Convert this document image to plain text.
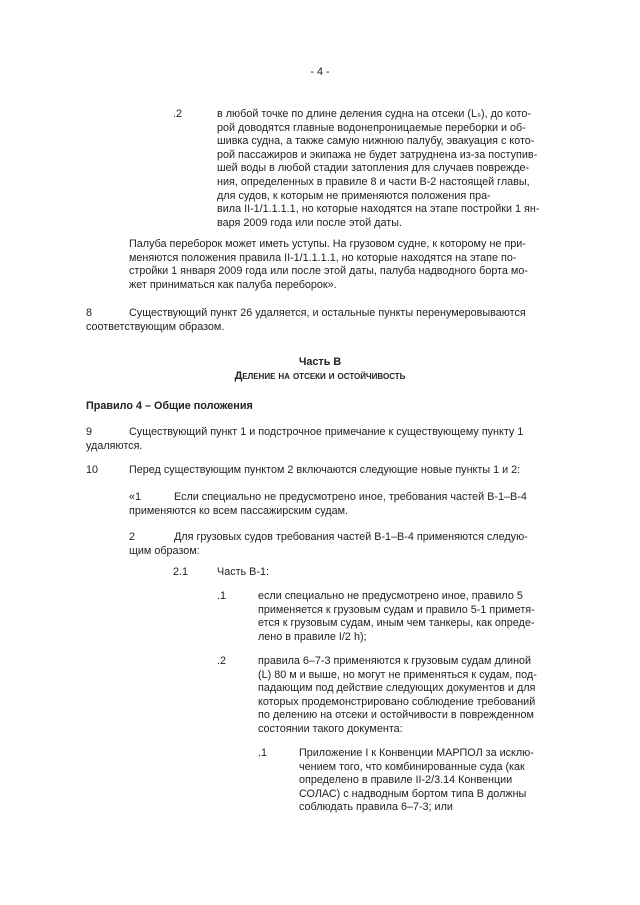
- 4 -
.2	в любой точке по длине деления судна на отсеки (Lₛ), до кото-
рой доводятся главные водонепроницаемые переборки и об-
шивка судна, а также самую нижнюю палубу, эвакуация с кото-
рой пассажиров и экипажа не будет затруднена из-за поступив-
шей воды в любой стадии затопления для случаев поврежде-
ния, определенных в правиле 8 и части B-2 настоящей главы,
для судов, к которым не применяются положения пра-
вила II-1/1.1.1.1, но которые находятся на этапе постройки 1 ян-
варя 2009 года или после этой даты.
Палуба переборок может иметь уступы. На грузовом судне, к которому не при-
меняются положения правила II-1/1.1.1.1, но которые находятся на этапе по-
стройки 1 января 2009 года или после этой даты, палуба надводного борта мо-
жет приниматься как палуба переборок».
8	Существующий пункт 26 удаляется, и остальные пункты перенумеровываются
соответствующим образом.
Часть B
Деление на отсеки и остойчивость
Правило 4 – Общие положения
9	Существующий пункт 1 и подстрочное примечание к существующему пункту 1
удаляются.
10	Перед существующим пунктом 2 включаются следующие новые пункты 1 и 2:
«1	Если специально не предусмотрено иное, требования частей B-1–B-4
применяются ко всем пассажирским судам.
2	Для грузовых судов требования частей B-1–B-4 применяются следую-
щим образом:
2.1	Часть B-1:
.1	если специально не предусмотрено иное, правило 5
применяется к грузовым судам и правило 5-1 приметя-
ется к грузовым судам, иным чем танкеры, как опреде-
лено в правиле I/2 h);
.2	правила 6–7-3 применяются к грузовым судам длиной
(L) 80 м и выше, но могут не применяться к судам, под-
падающим под действие следующих документов и для
которых продемонстрировано соблюдение требований
по делению на отсеки и остойчивости в поврежденном
состоянии такого документа:
.1	Приложение I к Конвенции МАРПОЛ за исклю-
чением того, что комбинированные суда (как
определено в правиле II-2/3.14 Конвенции
СОЛАС) с надводным бортом типа B должны
соблюдать правила 6–7-3; или
